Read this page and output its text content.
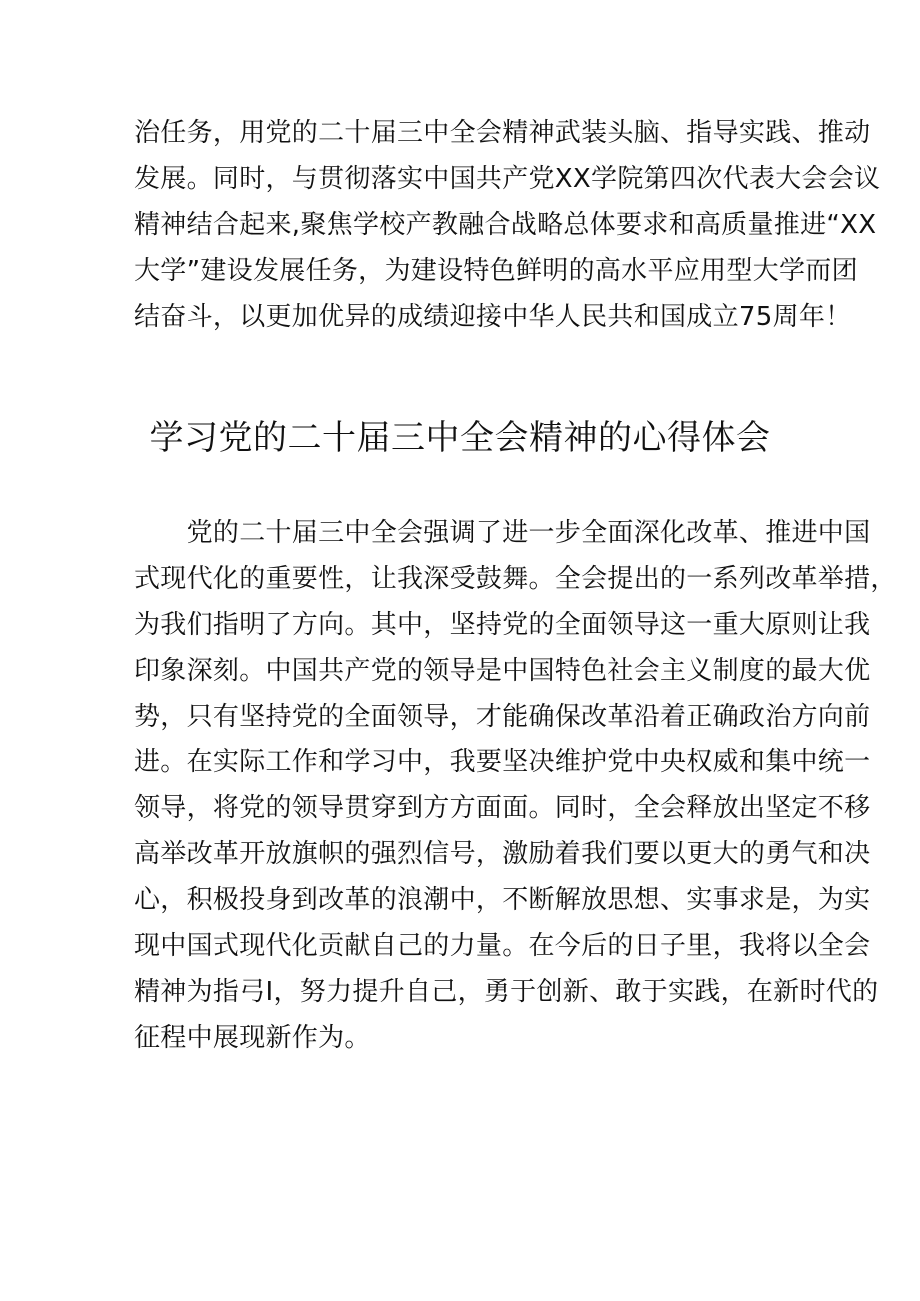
治任务，用党的二十届三中全会精神武装头脑、指导实践、推动
发展。同时，与贯彻落实中国共产党XX学院第四次代表大会会议
精神结合起来,聚焦学校产教融合战略总体要求和高质量推进“XX
大学”建设发展任务，为建设特色鲜明的高水平应用型大学而团
结奋斗，以更加优异的成绩迎接中华人民共和国成立75周年！
学习党的二十届三中全会精神的心得体会
　　党的二十届三中全会强调了进一步全面深化改革、推进中国
式现代化的重要性，让我深受鼓舞。全会提出的一系列改革举措，
为我们指明了方向。其中，坚持党的全面领导这一重大原则让我
印象深刻。中国共产党的领导是中国特色社会主义制度的最大优
势，只有坚持党的全面领导，才能确保改革沿着正确政治方向前
进。在实际工作和学习中，我要坚决维护党中央权威和集中统一
领导，将党的领导贯穿到方方面面。同时，全会释放出坚定不移
高举改革开放旗帜的强烈信号，激励着我们要以更大的勇气和决
心，积极投身到改革的浪潮中，不断解放思想、实事求是，为实
现中国式现代化贡献自己的力量。在今后的日子里，我将以全会
精神为指弓I，努力提升自己，勇于创新、敢于实践，在新时代的
征程中展现新作为。
